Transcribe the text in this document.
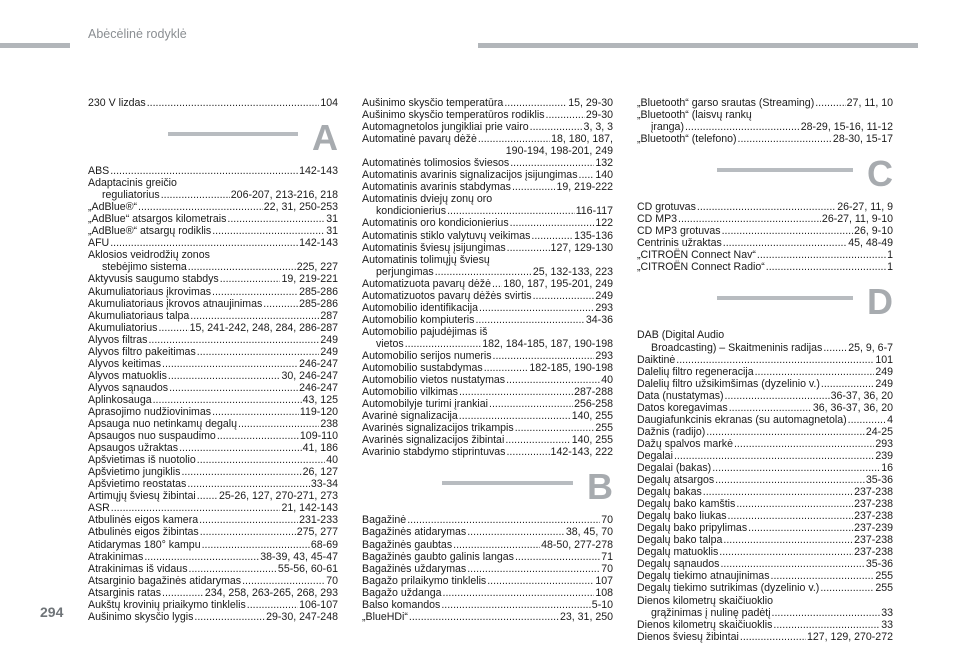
Abėcėlinė rodyklė
230 V lizdas .....	104
A
ABS .....	142-143
Adaptacinis greičio
reguliatorius .....	206-207, 213-216, 218
„AdBlue®“ .....	22, 31, 250-253
„AdBlue“ atsargos kilometrais .....	31
„AdBlue®“ atsargų rodiklis .....	31
AFU .....	142-143
Aklosios veidrodžių zonos
stebėjimo sistema .....	225, 227
Aktyvusis saugumo stabdys .....	19, 219-221
Akumuliatoriaus įkrovimas .....	285-286
Akumuliatoriaus įkrovos atnaujinimas .....	285-286
Akumuliatoriaus talpa .....	287
Akumuliatorius .....	15, 241-242, 248, 284, 286-287
Alyvos filtras .....	249
Alyvos filtro pakeitimas .....	249
Alyvos keitimas .....	246-247
Alyvos matuoklis .....	30, 246-247
Alyvos sąnaudos .....	246-247
Aplinkosauga .....	43, 125
Aprasojimo nudžiovinimas .....	119-120
Apsauga nuo netinkamų degalų .....	238
Apsaugos nuo suspaudimo .....	109-110
Apsaugos užraktas .....	41, 186
Apšvietimas iš nuotolio .....	40
Apšvietimo jungiklis .....	26, 127
Apšvietimo reostatas .....	33-34
Artimųjų šviesų žibintai ..... 25-26, 127, 270-271, 273
ASR .....	21, 142-143
Atbulinės eigos kamera .....	231-233
Atbulinės eigos žibintas .....	275, 277
Atidarymas 180° kampu .....	68-69
Atrakinimas .....	38-39, 43, 45-47
Atrakinimas iš vidaus .....	55-56, 60-61
Atsarginio bagažinės atidarymas .....	70
Atsarginis ratas .....	234, 258, 263-265, 268, 293
Aukštų krovinių priaikymo tinklelis .....	106-107
Aušinimo skysčio lygis .....	29-30, 247-248
Aušinimo skysčio temperatūra .....	15, 29-30
Aušinimo skysčio temperatūros rodiklis .....	29-30
Automagnetolos jungikliai prie vairo .....	3, 3, 3
Automatinė pavarų dėžė .....	18, 180, 187,
190-194, 198-201, 249
Automatinės tolimosios šviesos .....	132
Automatinis avarinis signalizacijos įsijungimas ..... 140
Automatinis avarinis stabdymas .....	19, 219-222
Automatinis dviejų zonų oro
kondicionierius .....	116-117
Automatinis oro kondicionierius .....	122
Automatinis stiklo valytuvų veikimas .....	135-136
Automatinis šviesų įsijungimas .....	127, 129-130
Automatinis tolimųjų šviesų
perjungimas .....	25, 132-133, 223
Automatizuota pavarų dėžė ..... 180, 187, 195-201, 249
Automatizuotos pavarų dėžės svirtis .....	249
Automobilio identifikacija .....	293
Automobilio kompiuteris .....	34-36
Automobilio pajudėjimas iš
vietos .....	182, 184-185, 187, 190-198
Automobilio serijos numeris .....	293
Automobilio sustabdymas .....	182-185, 190-198
Automobilio vietos nustatymas .....	40
Automobilio vilkimas .....	287-288
Automobilyje turimi įrankiai .....	256-258
Avarinė signalizacija .....	140, 255
Avarinės signalizacijos trikampis .....	255
Avarinės signalizacijos žibintai .....	140, 255
Avarinio stabdymo stiprintuvas .....	142-143, 222
B
Bagažinė .....	70
Bagažinės atidarymas .....	38, 45, 70
Bagažinės gaubtas .....	48-50, 277-278
Bagažinės gaubto galinis langas .....	71
Bagažinės uždarymas .....	70
Bagažo prilaikymo tinklelis .....	107
Bagažo uždanga .....	108
Balso komandos .....	5-10
„BlueHDi“ .....	23, 31, 250
„Bluetooth“ garso srautas (Streaming) .....	27, 11, 10
„Bluetooth“ (laisvų rankų
įranga) .....	28-29, 15-16, 11-12
„Bluetooth“ (telefono) .....	28-30, 15-17
C
CD grotuvas .....	26-27, 11, 9
CD MP3 .....	26-27, 11, 9-10
CD MP3 grotuvas .....	26, 9-10
Centrinis užraktas .....	45, 48-49
„CITROËN Connect Nav“ .....	1
„CITROËN Connect Radio“ .....	1
D
DAB (Digital Audio
Broadcasting) – Skaitmeninis radijas ..... 25, 9, 6-7
Daiktinė .....	101
Dalelių filtro regeneracija .....	249
Dalelių filtro užsikimšimas (dyzelinio v.) .....	249
Data (nustatymas) .....	36-37, 36, 20
Datos koregavimas .....	36, 36-37, 36, 20
Daugiafunkcinis ekranas (su automagnetola) .....	4
Dažnis (radijo) .....	24-25
Dažų spalvos markė .....	293
Degalai .....	239
Degalai (bakas) .....	16
Degalų atsargos .....	35-36
Degalų bakas .....	237-238
Degalų bako kamštis .....	237-238
Degalų bako liukas .....	237-238
Degalų bako pripylimas .....	237-239
Degalų bako talpa .....	237-238
Degalų matuoklis .....	237-238
Degalų sąnaudos .....	35-36
Degalų tiekimo atnaujinimas .....	255
Degalų tiekimo sutrikimas (dyzelinio v.) .....	255
Dienos kilometrų skaičiuoklio
grąžinimas į nulinę padėtį .....	33
Dienos kilometrų skaičiuoklis .....	33
Dienos šviesų žibintai .....	127, 129, 270-272
294
